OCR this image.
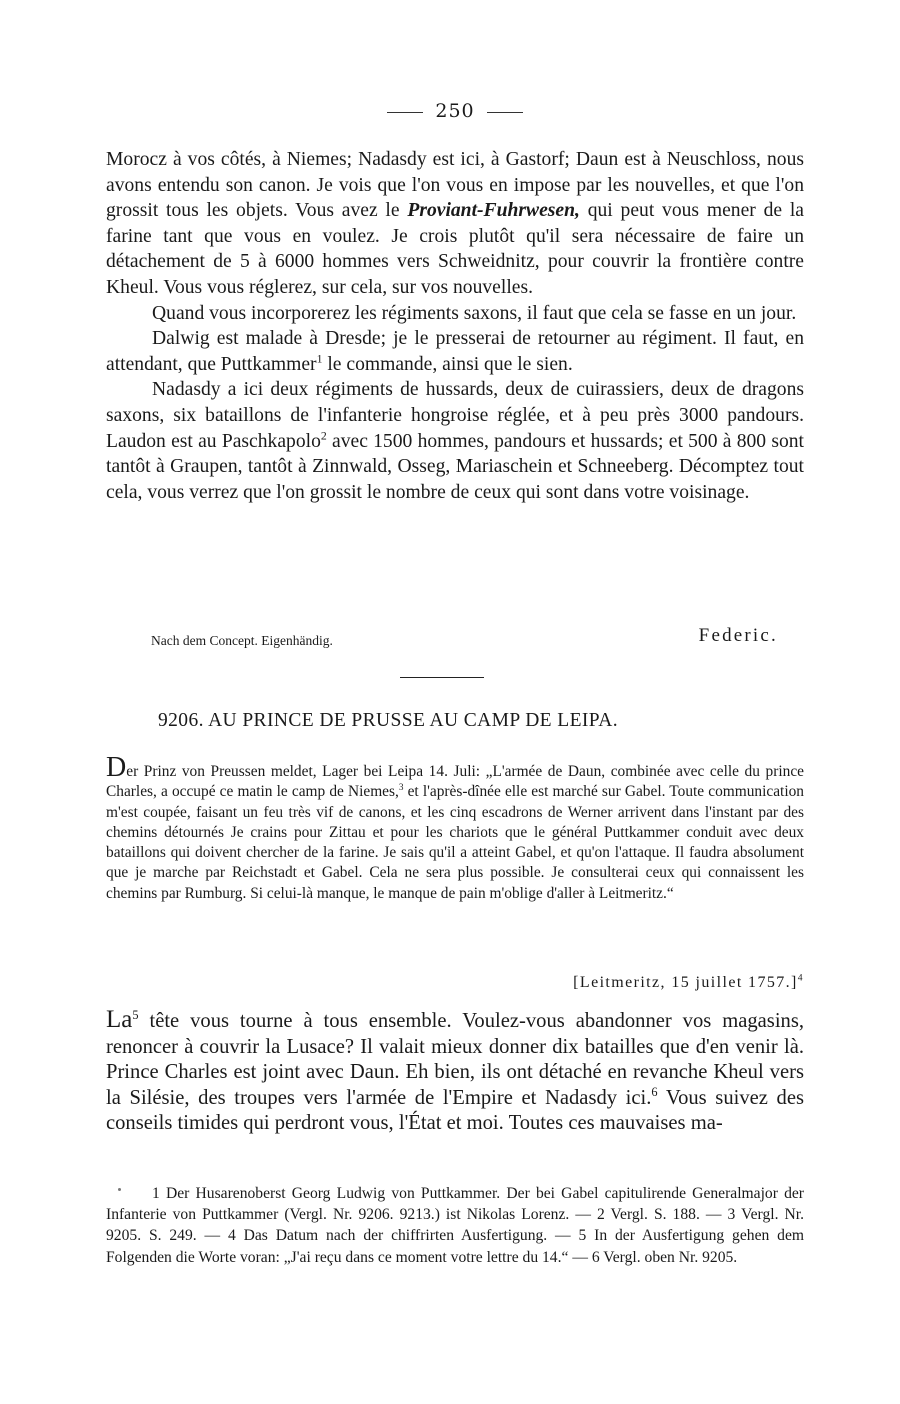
250

Morocz à vos côtés, à Niemes; Nadasdy est ici, à Gastorf; Daun est à Neuschloss, nous avons entendu son canon. Je vois que l'on vous en impose par les nouvelles, et que l'on grossit tous les objets. Vous avez le Proviant-Fuhrwesen, qui peut vous mener de la farine tant que vous en voulez. Je crois plutôt qu'il sera nécessaire de faire un détachement de 5 à 6000 hommes vers Schweidnitz, pour couvrir la frontière contre Kheul. Vous vous réglerez, sur cela, sur vos nouvelles.

Quand vous incorporerez les régiments saxons, il faut que cela se fasse en un jour.

Dalwig est malade à Dresde; je le presserai de retourner au régiment. Il faut, en attendant, que Puttkammer$^1$ le commande, ainsi que le sien.

Nadasdy a ici deux régiments de hussards, deux de cuirassiers, deux de dragons saxons, six bataillons de l'infanterie hongroise réglée, et à peu près 3000 pandours. Laudon est au Paschkapolo$^2$ avec 1500 hommes, pandours et hussards; et 500 à 800 sont tantôt à Graupen, tantôt à Zinnwald, Osseg, Mariaschein et Schneeberg. Décomptez tout cela, vous verrez que l'on grossit le nombre de ceux qui sont dans votre voisinage.

Nach dem Concept. Eigenhändig.	Federic.
9206. AU PRINCE DE PRUSSE AU CAMP DE LEIPA.
Der Prinz von Preussen meldet, Lager bei Leipa 14. Juli: „L'armée de Daun, combinée avec celle du prince Charles, a occupé ce matin le camp de Niemes,$^3$ et l'après-dînée elle est marché sur Gabel. Toute communication m'est coupée, faisant un feu très vif de canons, et les cinq escadrons de Werner arrivent dans l'instant par des chemins détournés Je crains pour Zittau et pour les chariots que le général Puttkammer conduit avec deux bataillons qui doivent chercher de la farine. Je sais qu'il a atteint Gabel, et qu'on l'attaque. Il faudra absolument que je marche par Reichstadt et Gabel. Cela ne sera plus possible. Je consulterai ceux qui connaissent les chemins par Rumburg. Si celui-là manque, le manque de pain m'oblige d'aller à Leitmeritz.“
[Leitmeritz, 15 juillet 1757.]$^4$

La$^5$ tête vous tourne à tous ensemble. Voulez-vous abandonner vos magasins, renoncer à couvrir la Lusace? Il valait mieux donner dix batailles que d'en venir là. Prince Charles est joint avec Daun. Eh bien, ils ont détaché en revanche Kheul vers la Silésie, des troupes vers l'armée de l'Empire et Nadasdy ici.$^6$ Vous suivez des conseils timides qui perdront vous, l'État et moi. Toutes ces mauvaises ma-

1 Der Husarenoberst Georg Ludwig von Puttkammer. Der bei Gabel capitulirende Generalmajor der Infanterie von Puttkammer (Vergl. Nr. 9206. 9213.) ist Nikolas Lorenz. — 2 Vergl. S. 188. — 3 Vergl. Nr. 9205. S. 249. — 4 Das Datum nach der chiffrirten Ausfertigung. — 5 In der Ausfertigung gehen dem Folgenden die Worte voran: „J'ai reçu dans ce moment votre lettre du 14.“ — 6 Vergl. oben Nr. 9205.
